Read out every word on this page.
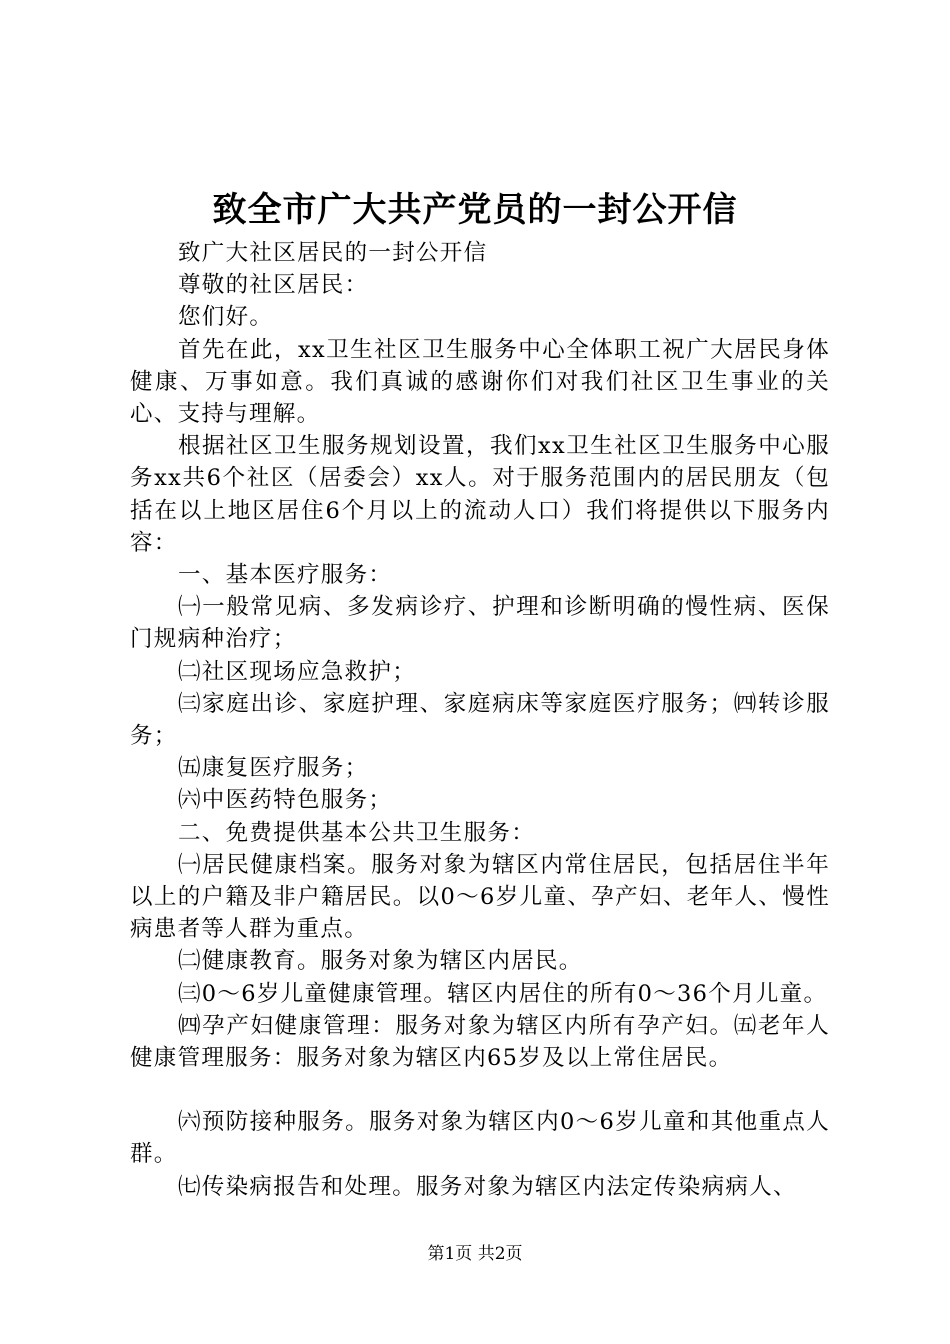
致全市广大共产党员的一封公开信

致广大社区居民的一封公开信

尊敬的社区居民：

您们好。

首先在此，xx卫生社区卫生服务中心全体职工祝广大居民身体健康、万事如意。我们真诚的感谢你们对我们社区卫生事业的关心、支持与理解。

根据社区卫生服务规划设置，我们xx卫生社区卫生服务中心服务xx共6个社区（居委会）xx人。对于服务范围内的居民朋友（包括在以上地区居住6个月以上的流动人口）我们将提供以下服务内容：

一、基本医疗服务：

㈠一般常见病、多发病诊疗、护理和诊断明确的慢性病、医保门规病种治疗；

㈡社区现场应急救护；

㈢家庭出诊、家庭护理、家庭病床等家庭医疗服务；㈣转诊服务；

㈤康复医疗服务；

㈥中医药特色服务；

二、免费提供基本公共卫生服务：

㈠居民健康档案。服务对象为辖区内常住居民，包括居住半年以上的户籍及非户籍居民。以0～6岁儿童、孕产妇、老年人、慢性病患者等人群为重点。

㈡健康教育。服务对象为辖区内居民。

㈢0～6岁儿童健康管理。辖区内居住的所有0～36个月儿童。

㈣孕产妇健康管理：服务对象为辖区内所有孕产妇。㈤老年人健康管理服务：服务对象为辖区内65岁及以上常住居民。

㈥预防接种服务。服务对象为辖区内0～6岁儿童和其他重点人群。

㈦传染病报告和处理。服务对象为辖区内法定传染病病人、

第1页 共2页
